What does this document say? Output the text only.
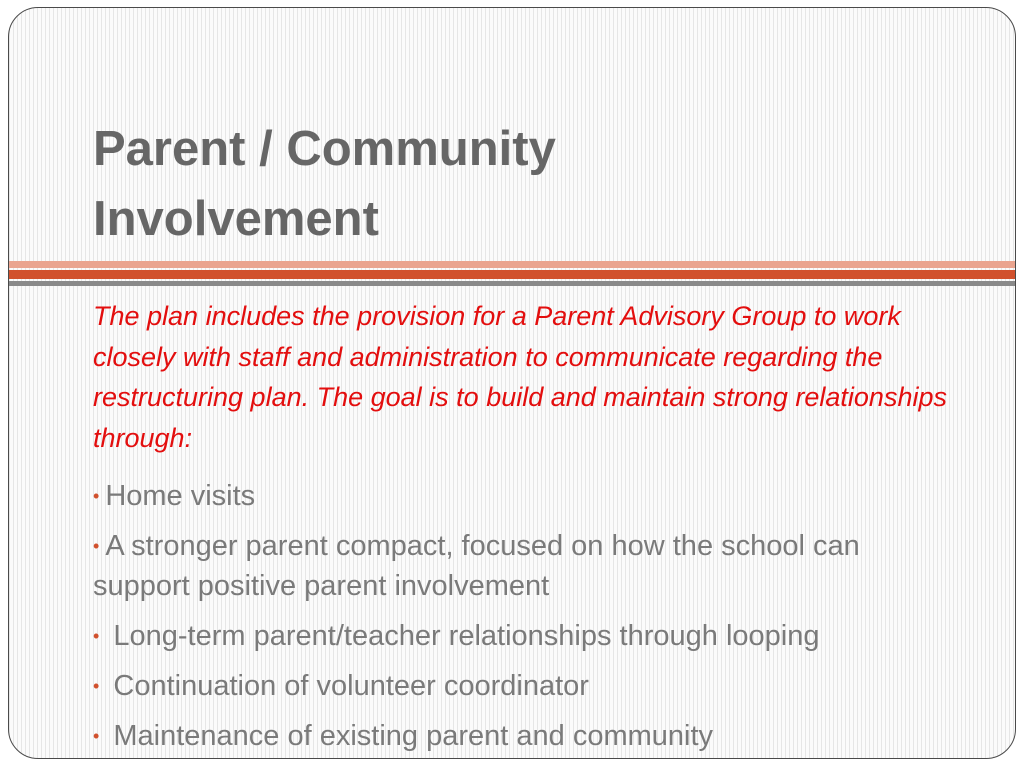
Parent / Community
Involvement

The plan includes the provision for a Parent Advisory Group to work closely with staff and administration to communicate regarding the restructuring plan. The goal is to build and maintain strong relationships through:

• Home visits
• A stronger parent compact, focused on how the school can support positive parent involvement
• Long-term parent/teacher relationships through looping
• Continuation of volunteer coordinator
• Maintenance of existing parent and community
